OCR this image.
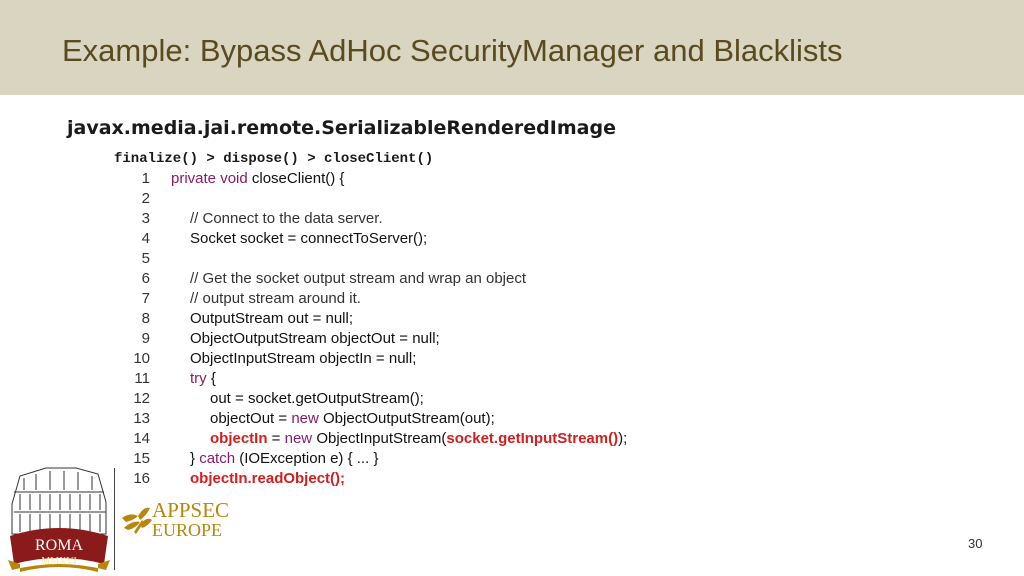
Example: Bypass AdHoc SecurityManager and Blacklists
javax.media.jai.remote.SerializableRenderedImage
finalize() > dispose() > closeClient()
1 private void closeClient() {
2
3	// Connect to the data server.
4	Socket socket = connectToServer();
5
6	// Get the socket output stream and wrap an object
7	// output stream around it.
8	OutputStream out = null;
9	ObjectOutputStream objectOut = null;
10	ObjectInputStream objectIn = null;
11	try {
12	out = socket.getOutputStream();
13	objectOut = new ObjectOutputStream(out);
14	objectIn = new ObjectInputStream(socket.getInputStream());
15	} catch (IOException e) { ... }
16	objectIn.readObject();
ROMA
MMXVI
APPSEC
EUROPE
30
